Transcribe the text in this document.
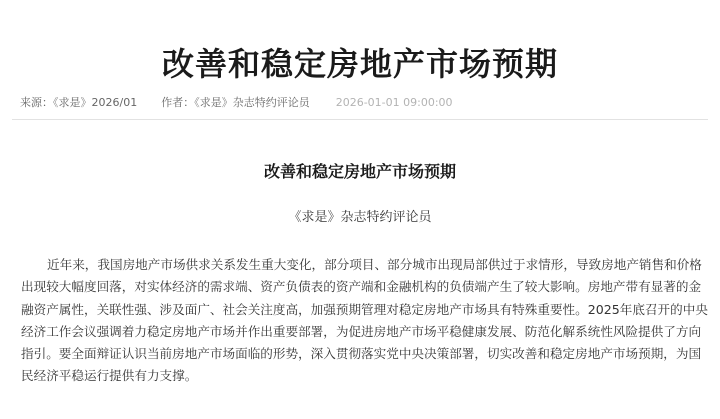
改善和稳定房地产市场预期
来源：《求是》2026/01 作者：《求是》杂志特约评论员 2026-01-01 09:00:00
改善和稳定房地产市场预期
《求是》杂志特约评论员

近年来，我国房地产市场供求关系发生重大变化，部分项目、部分城市出现局部供过于求情形，导致房地产销售和价格
出现较大幅度回落，对实体经济的需求端、资产负债表的资产端和金融机构的负债端产生了较大影响。房地产带有显著的金
融资产属性，关联性强、涉及面广、社会关注度高，加强预期管理对稳定房地产市场具有特殊重要性。2025年底召开的中央
经济工作会议强调着力稳定房地产市场并作出重要部署，为促进房地产市场平稳健康发展、防范化解系统性风险提供了方向
指引。要全面辩证认识当前房地产市场面临的形势，深入贯彻落实党中央决策部署，切实改善和稳定房地产市场预期，为国
民经济平稳运行提供有力支撑。
